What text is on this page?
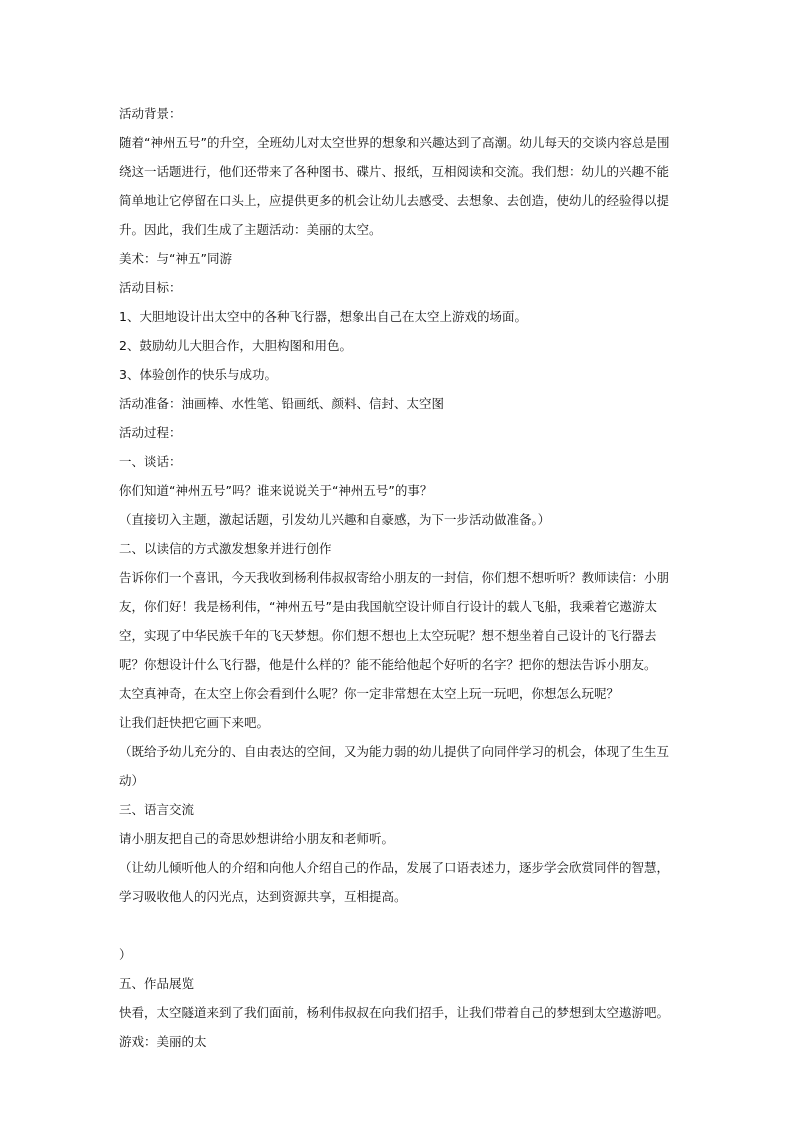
活动背景：

随着“神州五号”的升空，全班幼儿对太空世界的想象和兴趣达到了高潮。幼儿每天的交谈内容总是围绕这一话题进行，他们还带来了各种图书、碟片、报纸，互相阅读和交流。我们想：幼儿的兴趣不能简单地让它停留在口头上，应提供更多的机会让幼儿去感受、去想象、去创造，使幼儿的经验得以提升。因此，我们生成了主题活动：美丽的太空。

美术：与“神五”同游

活动目标：

1、大胆地设计出太空中的各种飞行器，想象出自己在太空上游戏的场面。

2、鼓励幼儿大胆合作，大胆构图和用色。

3、体验创作的快乐与成功。

活动准备：油画棒、水性笔、铅画纸、颜料、信封、太空图

活动过程：

一、谈话：

你们知道“神州五号”吗？谁来说说关于“神州五号”的事？

（直接切入主题，激起话题，引发幼儿兴趣和自豪感，为下一步活动做准备。）

二、以读信的方式激发想象并进行创作

告诉你们一个喜讯，今天我收到杨利伟叔叔寄给小朋友的一封信，你们想不想听听？教师读信：小朋友，你们好！我是杨利伟，“神州五号”是由我国航空设计师自行设计的载人飞船，我乘着它遨游太空，实现了中华民族千年的飞天梦想。你们想不想也上太空玩呢？想不想坐着自己设计的飞行器去呢？你想设计什么飞行器，他是什么样的？能不能给他起个好听的名字？把你的想法告诉小朋友。

太空真神奇，在太空上你会看到什么呢？你一定非常想在太空上玩一玩吧，你想怎么玩呢？

让我们赶快把它画下来吧。

（既给予幼儿充分的、自由表达的空间，又为能力弱的幼儿提供了向同伴学习的机会，体现了生生互动）

三、语言交流

请小朋友把自己的奇思妙想讲给小朋友和老师听。

（让幼儿倾听他人的介绍和向他人介绍自己的作品，发展了口语表述力，逐步学会欣赏同伴的智慧，学习吸收他人的闪光点，达到资源共享，互相提高。

）

五、作品展览

快看，太空隧道来到了我们面前，杨利伟叔叔在向我们招手，让我们带着自己的梦想到太空遨游吧。

游戏：美丽的太
